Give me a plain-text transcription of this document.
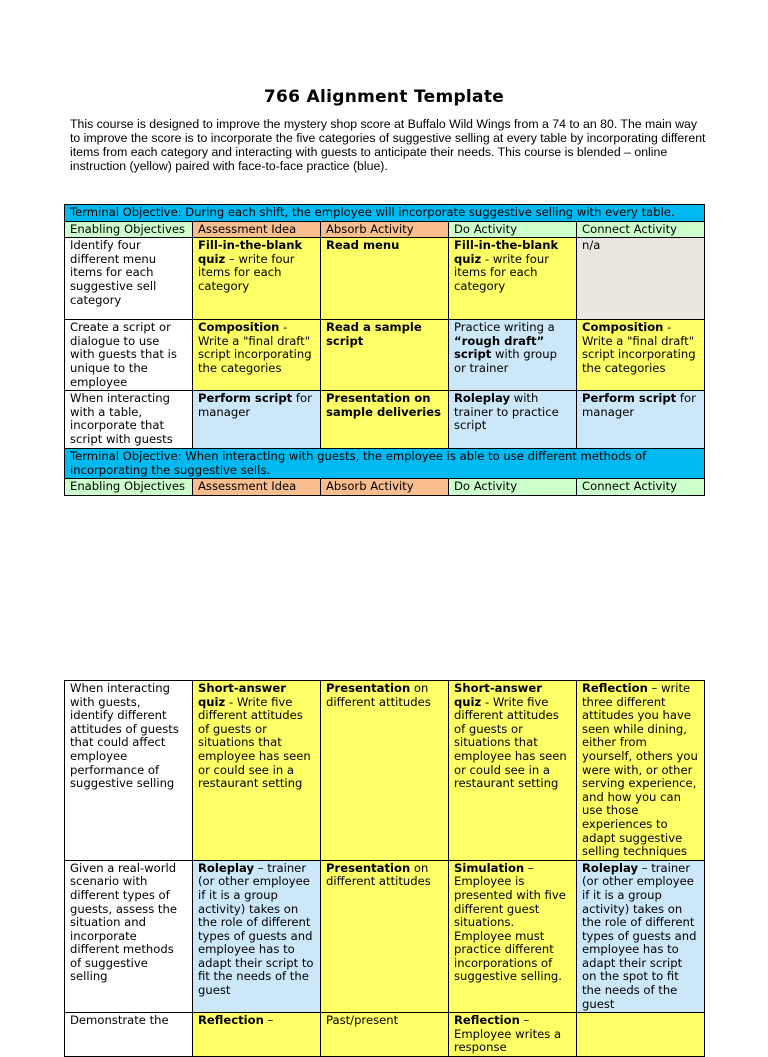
766 Alignment Template
This course is designed to improve the mystery shop score at Buffalo Wild Wings from a 74 to an 80. The main way to improve the score is to incorporate the five categories of suggestive selling at every table by incorporating different items from each category and interacting with guests to anticipate their needs. This course is blended – online instruction (yellow) paired with face-to-face practice (blue).
Terminal Objective: During each shift, the employee will incorporate suggestive selling with every table.				
Enabling Objectives	Assessment Idea	Absorb Activity	Do Activity	Connect Activity
Identify four different menu items for each suggestive sell category	Fill-in-the-blank quiz – write four items for each category	Read menu	Fill-in-the-blank quiz - write four items for each category	n/a
Create a script or dialogue to use with guests that is unique to the employee	Composition - Write a "final draft" script incorporating the categories	Read a sample script	Practice writing a “rough draft” script with group or trainer	Composition - Write a "final draft" script incorporating the categories
When interacting with a table, incorporate that script with guests	Perform script for manager	Presentation on sample deliveries	Roleplay with trainer to practice script	Perform script for manager
Terminal Objective: When interacting with guests, the employee is able to use different methods of incorporating the suggestive sells.
Enabling Objectives	Assessment Idea	Absorb Activity	Do Activity	Connect Activity
When interacting with guests, identify different attitudes of guests that could affect employee performance of suggestive selling	Short-answer quiz - Write five different attitudes of guests or situations that employee has seen or could see in a restaurant setting	Presentation on different attitudes	Short-answer quiz - Write five different attitudes of guests or situations that employee has seen or could see in a restaurant setting	Reflection – write three different attitudes you have seen while dining, either from yourself, others you were with, or other serving experience, and how you can use those experiences to adapt suggestive selling techniques
Given a real-world scenario with different types of guests, assess the situation and incorporate different methods of suggestive selling	Roleplay – trainer (or other employee if it is a group activity) takes on the role of different types of guests and employee has to adapt their script to fit the needs of the guest	Presentation on different attitudes	Simulation – Employee is presented with five different guest situations. Employee must practice different incorporations of suggestive selling.	Roleplay – trainer (or other employee if it is a group activity) takes on the role of different types of guests and employee has to adapt their script on the spot to fit the needs of the guest
Demonstrate the	Reflection –	Past/present	Reflection – Employee writes a response	
